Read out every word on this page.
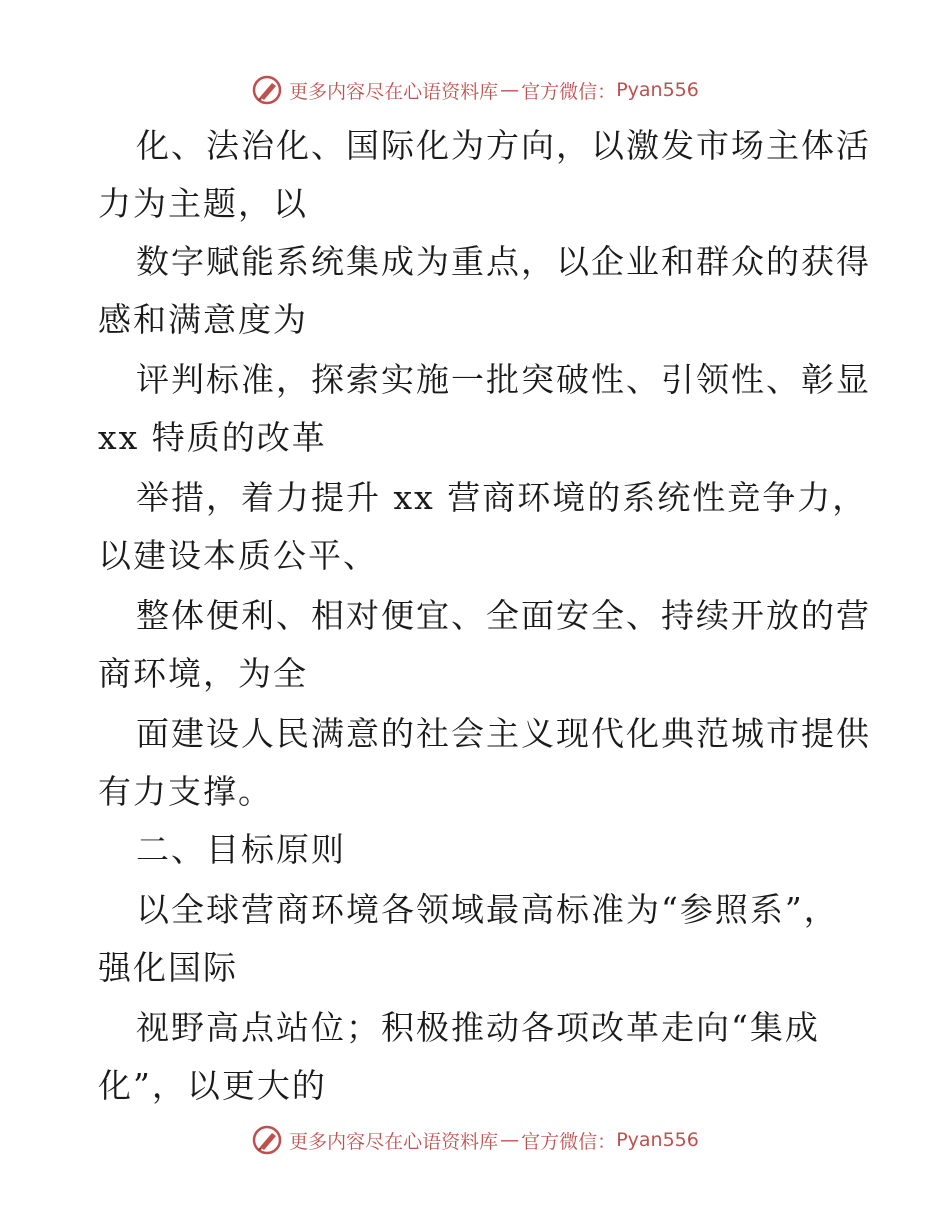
更多内容尽在心语资料库 — 官方微信： Pyan556
化、法治化、国际化为方向，以激发市场主体活
力为主题，以
数字赋能系统集成为重点，以企业和群众的获得
感和满意度为
评判标准，探索实施一批突破性、引领性、彰显
xx 特质的改革
举措，着力提升 xx 营商环境的系统性竞争力，
以建设本质公平、
整体便利、相对便宜、全面安全、持续开放的营
商环境，为全
面建设人民满意的社会主义现代化典范城市提供
有力支撑。
二、目标原则
以全球营商环境各领域最高标准为“参照系”，
强化国际
视野高点站位；积极推动各项改革走向“集成
化”，以更大的
更多内容尽在心语资料库 — 官方微信： Pyan556
